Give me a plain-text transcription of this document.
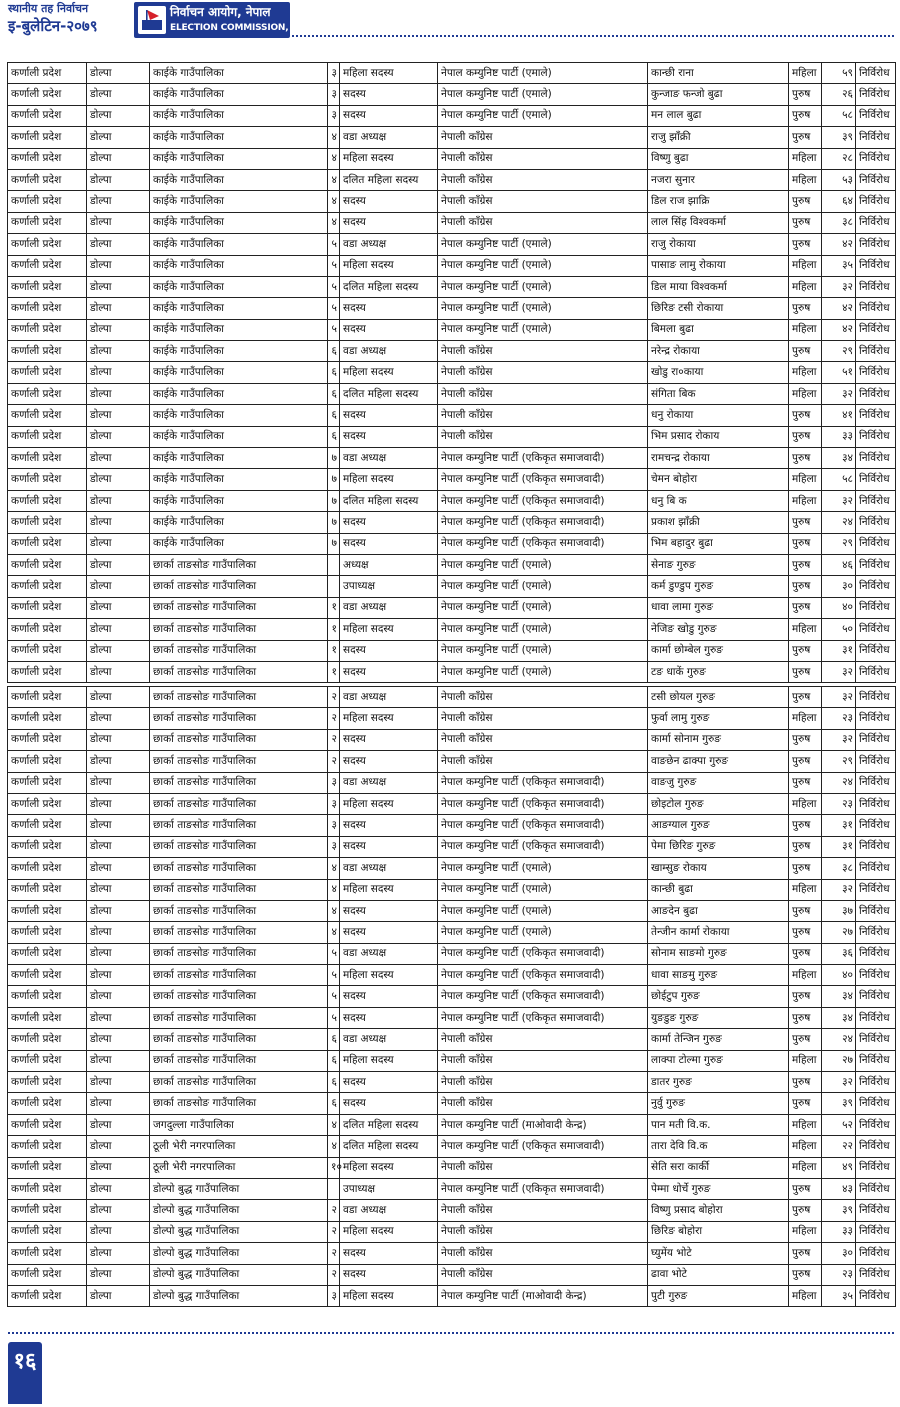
स्थानीय तह निर्वाचन
इ-बुलेटिन-२०७९
निर्वाचन आयोग, नेपाल
ELECTION COMMISSION, NEPAL
कर्णाली प्रदेश	डोल्पा	काईके गाउँपालिका	३	महिला सदस्य	नेपाल कम्युनिष्ट पार्टी (एमाले)	कान्छी राना	महिला	५९	निर्विरोध
कर्णाली प्रदेश	डोल्पा	काईके गाउँपालिका	३	सदस्य	नेपाल कम्युनिष्ट पार्टी (एमाले)	कुन्जाङ फन्जो बुढा	पुरुष	२६	निर्विरोध
कर्णाली प्रदेश	डोल्पा	काईके गाउँपालिका	३	सदस्य	नेपाल कम्युनिष्ट पार्टी (एमाले)	मन लाल बुढा	पुरुष	५८	निर्विरोध
कर्णाली प्रदेश	डोल्पा	काईके गाउँपालिका	४	वडा अध्यक्ष	नेपाली काँग्रेस	राजु झाँक्री	पुरुष	३९	निर्विरोध
कर्णाली प्रदेश	डोल्पा	काईके गाउँपालिका	४	महिला सदस्य	नेपाली काँग्रेस	विष्णु बुढा	महिला	२८	निर्विरोध
कर्णाली प्रदेश	डोल्पा	काईके गाउँपालिका	४	दलित महिला सदस्य	नेपाली काँग्रेस	नजरा सुनार	महिला	५३	निर्विरोध
कर्णाली प्रदेश	डोल्पा	काईके गाउँपालिका	४	सदस्य	नेपाली काँग्रेस	डिल राज झाक्रि	पुरुष	६४	निर्विरोध
कर्णाली प्रदेश	डोल्पा	काईके गाउँपालिका	४	सदस्य	नेपाली काँग्रेस	लाल सिंह विश्वकर्मा	पुरुष	३८	निर्विरोध
कर्णाली प्रदेश	डोल्पा	काईके गाउँपालिका	५	वडा अध्यक्ष	नेपाल कम्युनिष्ट पार्टी (एमाले)	राजु रोकाया	पुरुष	४२	निर्विरोध
कर्णाली प्रदेश	डोल्पा	काईके गाउँपालिका	५	महिला सदस्य	नेपाल कम्युनिष्ट पार्टी (एमाले)	पासाङ लामु रोकाया	महिला	३५	निर्विरोध
कर्णाली प्रदेश	डोल्पा	काईके गाउँपालिका	५	दलित महिला सदस्य	नेपाल कम्युनिष्ट पार्टी (एमाले)	डिल माया विश्वकर्मा	महिला	३२	निर्विरोध
कर्णाली प्रदेश	डोल्पा	काईके गाउँपालिका	५	सदस्य	नेपाल कम्युनिष्ट पार्टी (एमाले)	छिरिङ टसी रोकाया	पुरुष	४२	निर्विरोध
कर्णाली प्रदेश	डोल्पा	काईके गाउँपालिका	५	सदस्य	नेपाल कम्युनिष्ट पार्टी (एमाले)	बिमला बुढा	महिला	४२	निर्विरोध
कर्णाली प्रदेश	डोल्पा	काईके गाउँपालिका	६	वडा अध्यक्ष	नेपाली काँग्रेस	नरेन्द्र रोकाया	पुरुष	२९	निर्विरोध
कर्णाली प्रदेश	डोल्पा	काईके गाउँपालिका	६	महिला सदस्य	नेपाली काँग्रेस	खोडु रा०काया	महिला	५१	निर्विरोध
कर्णाली प्रदेश	डोल्पा	काईके गाउँपालिका	६	दलित महिला सदस्य	नेपाली काँग्रेस	संगिता बिक	महिला	३२	निर्विरोध
कर्णाली प्रदेश	डोल्पा	काईके गाउँपालिका	६	सदस्य	नेपाली काँग्रेस	धनु रोकाया	पुरुष	४१	निर्विरोध
कर्णाली प्रदेश	डोल्पा	काईके गाउँपालिका	६	सदस्य	नेपाली काँग्रेस	भिम प्रसाद रोकाय	पुरुष	३३	निर्विरोध
कर्णाली प्रदेश	डोल्पा	काईके गाउँपालिका	७	वडा अध्यक्ष	नेपाल कम्युनिष्ट पार्टी (एकिकृत समाजवादी)	रामचन्द्र रोकाया	पुरुष	३४	निर्विरोध
कर्णाली प्रदेश	डोल्पा	काईके गाउँपालिका	७	महिला सदस्य	नेपाल कम्युनिष्ट पार्टी (एकिकृत समाजवादी)	चेमन बोहोरा	महिला	५८	निर्विरोध
कर्णाली प्रदेश	डोल्पा	काईके गाउँपालिका	७	दलित महिला सदस्य	नेपाल कम्युनिष्ट पार्टी (एकिकृत समाजवादी)	धनु बि क	महिला	३२	निर्विरोध
कर्णाली प्रदेश	डोल्पा	काईके गाउँपालिका	७	सदस्य	नेपाल कम्युनिष्ट पार्टी (एकिकृत समाजवादी)	प्रकाश झाँक्री	पुरुष	२४	निर्विरोध
कर्णाली प्रदेश	डोल्पा	काईके गाउँपालिका	७	सदस्य	नेपाल कम्युनिष्ट पार्टी (एकिकृत समाजवादी)	भिम बहादुर बुढा	पुरुष	२९	निर्विरोध
कर्णाली प्रदेश	डोल्पा	छार्का ताङसोङ गाउँपालिका		अध्यक्ष	नेपाल कम्युनिष्ट पार्टी (एमाले)	सेनाङ गुरुङ	पुरुष	४६	निर्विरोध
कर्णाली प्रदेश	डोल्पा	छार्का ताङसोङ गाउँपालिका		उपाध्यक्ष	नेपाल कम्युनिष्ट पार्टी (एमाले)	कर्म डुण्डुप गुरुङ	पुरुष	३०	निर्विरोध
कर्णाली प्रदेश	डोल्पा	छार्का ताङसोङ गाउँपालिका	१	वडा अध्यक्ष	नेपाल कम्युनिष्ट पार्टी (एमाले)	धावा लामा गुरुङ	पुरुष	४०	निर्विरोध
कर्णाली प्रदेश	डोल्पा	छार्का ताङसोङ गाउँपालिका	१	महिला सदस्य	नेपाल कम्युनिष्ट पार्टी (एमाले)	नेजिङ खोडु गुरुङ	महिला	५०	निर्विरोध
कर्णाली प्रदेश	डोल्पा	छार्का ताङसोङ गाउँपालिका	१	सदस्य	नेपाल कम्युनिष्ट पार्टी (एमाले)	कार्मा छोम्बेल गुरुङ	पुरुष	३१	निर्विरोध
कर्णाली प्रदेश	डोल्पा	छार्का ताङसोङ गाउँपालिका	१	सदस्य	नेपाल कम्युनिष्ट पार्टी (एमाले)	टङ धाकें गुरुङ	पुरुष	३२	निर्विरोध
कर्णाली प्रदेश	डोल्पा	छार्का ताङसोङ गाउँपालिका	२	वडा अध्यक्ष	नेपाली काँग्रेस	टसी छोयल गुरुङ	पुरुष	३२	निर्विरोध
कर्णाली प्रदेश	डोल्पा	छार्का ताङसोङ गाउँपालिका	२	महिला सदस्य	नेपाली काँग्रेस	फुर्वा लामु गुरुङ	महिला	२३	निर्विरोध
कर्णाली प्रदेश	डोल्पा	छार्का ताङसोङ गाउँपालिका	२	सदस्य	नेपाली काँग्रेस	कार्मा सोनाम गुरुङ	पुरुष	३२	निर्विरोध
कर्णाली प्रदेश	डोल्पा	छार्का ताङसोङ गाउँपालिका	२	सदस्य	नेपाली काँग्रेस	वाङछेन ढाक्पा गुरुङ	पुरुष	२९	निर्विरोध
कर्णाली प्रदेश	डोल्पा	छार्का ताङसोङ गाउँपालिका	३	वडा अध्यक्ष	नेपाल कम्युनिष्ट पार्टी (एकिकृत समाजवादी)	वाङजु गुरुङ	पुरुष	२४	निर्विरोध
कर्णाली प्रदेश	डोल्पा	छार्का ताङसोङ गाउँपालिका	३	महिला सदस्य	नेपाल कम्युनिष्ट पार्टी (एकिकृत समाजवादी)	छोइटोल गुरुङ	महिला	२३	निर्विरोध
कर्णाली प्रदेश	डोल्पा	छार्का ताङसोङ गाउँपालिका	३	सदस्य	नेपाल कम्युनिष्ट पार्टी (एकिकृत समाजवादी)	आङग्याल गुरुङ	पुरुष	३१	निर्विरोध
कर्णाली प्रदेश	डोल्पा	छार्का ताङसोङ गाउँपालिका	३	सदस्य	नेपाल कम्युनिष्ट पार्टी (एकिकृत समाजवादी)	पेमा छिरिङ गुरुङ	पुरुष	३१	निर्विरोध
कर्णाली प्रदेश	डोल्पा	छार्का ताङसोङ गाउँपालिका	४	वडा अध्यक्ष	नेपाल कम्युनिष्ट पार्टी (एमाले)	खाम्सुङ रोकाय	पुरुष	३८	निर्विरोध
कर्णाली प्रदेश	डोल्पा	छार्का ताङसोङ गाउँपालिका	४	महिला सदस्य	नेपाल कम्युनिष्ट पार्टी (एमाले)	कान्छी बुढा	महिला	३२	निर्विरोध
कर्णाली प्रदेश	डोल्पा	छार्का ताङसोङ गाउँपालिका	४	सदस्य	नेपाल कम्युनिष्ट पार्टी (एमाले)	आङदेन बुढा	पुरुष	३७	निर्विरोध
कर्णाली प्रदेश	डोल्पा	छार्का ताङसोङ गाउँपालिका	४	सदस्य	नेपाल कम्युनिष्ट पार्टी (एमाले)	तेन्जीन कार्मा रोकाया	पुरुष	२७	निर्विरोध
कर्णाली प्रदेश	डोल्पा	छार्का ताङसोङ गाउँपालिका	५	वडा अध्यक्ष	नेपाल कम्युनिष्ट पार्टी (एकिकृत समाजवादी)	सोनाम साङमो गुरुङ	पुरुष	३६	निर्विरोध
कर्णाली प्रदेश	डोल्पा	छार्का ताङसोङ गाउँपालिका	५	महिला सदस्य	नेपाल कम्युनिष्ट पार्टी (एकिकृत समाजवादी)	धावा साङमु गुरुङ	महिला	४०	निर्विरोध
कर्णाली प्रदेश	डोल्पा	छार्का ताङसोङ गाउँपालिका	५	सदस्य	नेपाल कम्युनिष्ट पार्टी (एकिकृत समाजवादी)	छोईटुप गुरुङ	पुरुष	३४	निर्विरोध
कर्णाली प्रदेश	डोल्पा	छार्का ताङसोङ गाउँपालिका	५	सदस्य	नेपाल कम्युनिष्ट पार्टी (एकिकृत समाजवादी)	युङडुङ गुरुङ	पुरुष	३४	निर्विरोध
कर्णाली प्रदेश	डोल्पा	छार्का ताङसोङ गाउँपालिका	६	वडा अध्यक्ष	नेपाली काँग्रेस	कार्मा तेन्जिन गुरुङ	पुरुष	२४	निर्विरोध
कर्णाली प्रदेश	डोल्पा	छार्का ताङसोङ गाउँपालिका	६	महिला सदस्य	नेपाली काँग्रेस	लाक्पा टोल्मा गुरुङ	महिला	२७	निर्विरोध
कर्णाली प्रदेश	डोल्पा	छार्का ताङसोङ गाउँपालिका	६	सदस्य	नेपाली काँग्रेस	डातर गुरुङ	पुरुष	३२	निर्विरोध
कर्णाली प्रदेश	डोल्पा	छार्का ताङसोङ गाउँपालिका	६	सदस्य	नेपाली काँग्रेस	नुर्वु गुरुङ	पुरुष	३९	निर्विरोध
कर्णाली प्रदेश	डोल्पा	जगदुल्ला गाउँपालिका	४	दलित महिला सदस्य	नेपाल कम्युनिष्ट पार्टी (माओवादी केन्द्र)	पान मती वि.क.	महिला	५२	निर्विरोध
कर्णाली प्रदेश	डोल्पा	ठूली भेरी नगरपालिका	४	दलित महिला सदस्य	नेपाल कम्युनिष्ट पार्टी (एकिकृत समाजवादी)	तारा देवि वि.क	महिला	२२	निर्विरोध
कर्णाली प्रदेश	डोल्पा	ठूली भेरी नगरपालिका	१०	महिला सदस्य	नेपाली काँग्रेस	सेति सरा कार्की	महिला	४९	निर्विरोध
कर्णाली प्रदेश	डोल्पा	डोल्पो बुद्ध गाउँपालिका		उपाध्यक्ष	नेपाल कम्युनिष्ट पार्टी (एकिकृत समाजवादी)	पेम्मा धोर्चे गुरुङ	पुरुष	४३	निर्विरोध
कर्णाली प्रदेश	डोल्पा	डोल्पो बुद्ध गाउँपालिका	२	वडा अध्यक्ष	नेपाली काँग्रेस	विष्णु प्रसाद बोहोरा	पुरुष	३९	निर्विरोध
कर्णाली प्रदेश	डोल्पा	डोल्पो बुद्ध गाउँपालिका	२	महिला सदस्य	नेपाली काँग्रेस	छिरिङ बोहोरा	महिला	३३	निर्विरोध
कर्णाली प्रदेश	डोल्पा	डोल्पो बुद्ध गाउँपालिका	२	सदस्य	नेपाली काँग्रेस	घ्युमेंय भोटे	पुरुष	३०	निर्विरोध
कर्णाली प्रदेश	डोल्पा	डोल्पो बुद्ध गाउँपालिका	२	सदस्य	नेपाली काँग्रेस	ढावा भोटे	पुरुष	२३	निर्विरोध
कर्णाली प्रदेश	डोल्पा	डोल्पो बुद्ध गाउँपालिका	३	महिला सदस्य	नेपाल कम्युनिष्ट पार्टी (माओवादी केन्द्र)	पुटी गुरुङ	महिला	३५	निर्विरोध
१६
